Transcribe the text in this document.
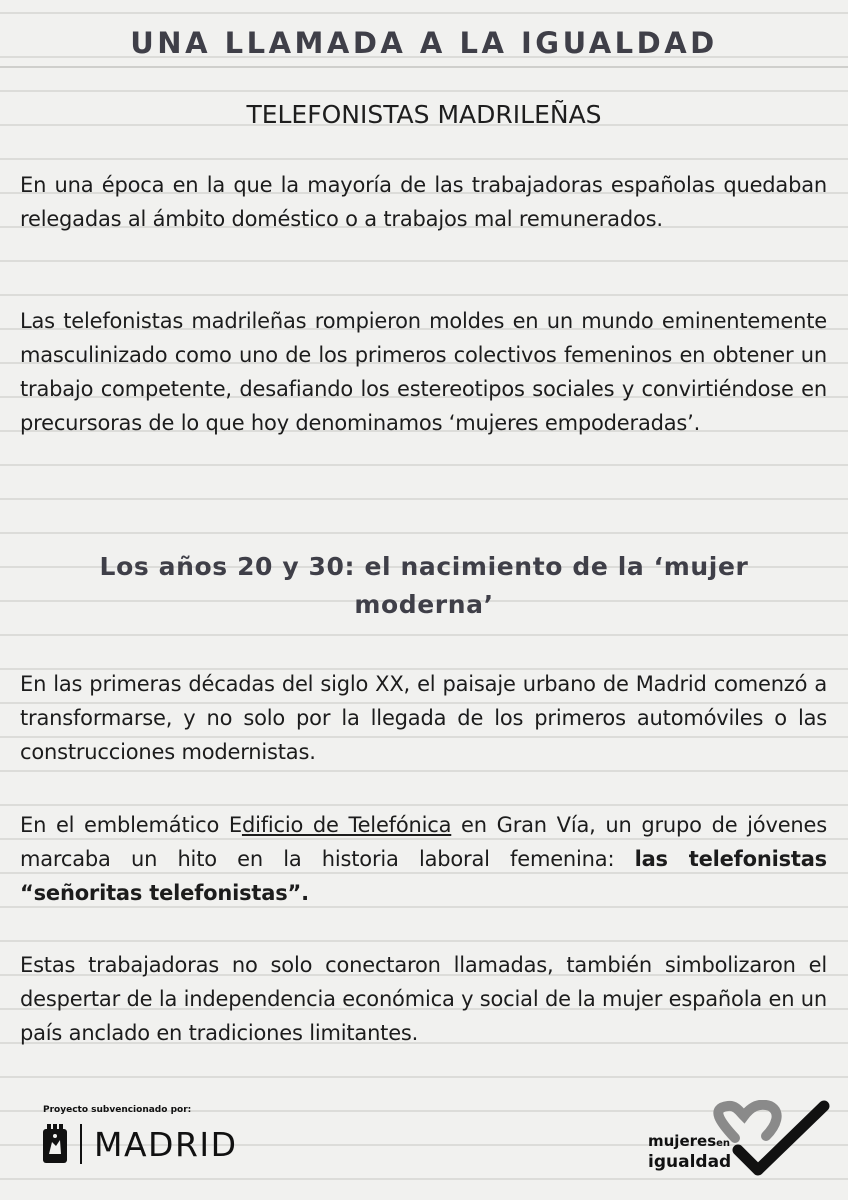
UNA LLAMADA A LA IGUALDAD
TELEFONISTAS MADRILEÑAS

En una época en la que la mayoría de las trabajadoras españolas quedaban relegadas al ámbito doméstico o a trabajos mal remunerados.

Las telefonistas madrileñas rompieron moldes en un mundo eminentemente masculinizado como uno de los primeros colectivos femeninos en obtener un trabajo competente, desafiando los estereotipos sociales y convirtiéndose en precursoras de lo que hoy denominamos ‘mujeres empoderadas’.

Los años 20 y 30: el nacimiento de la ‘mujer moderna’

En las primeras décadas del siglo XX, el paisaje urbano de Madrid comenzó a transformarse, y no solo por la llegada de los primeros automóviles o las construcciones modernistas.

En el emblemático Edificio de Telefónica en Gran Vía, un grupo de jóvenes marcaba un hito en la historia laboral femenina: las telefonistas “señoritas telefonistas”.

Estas trabajadoras no solo conectaron llamadas, también simbolizaron el despertar de la independencia económica y social de la mujer española en un país anclado en tradiciones limitantes.

Proyecto subvencionado por:
MADRID	mujeresen
igualdad
